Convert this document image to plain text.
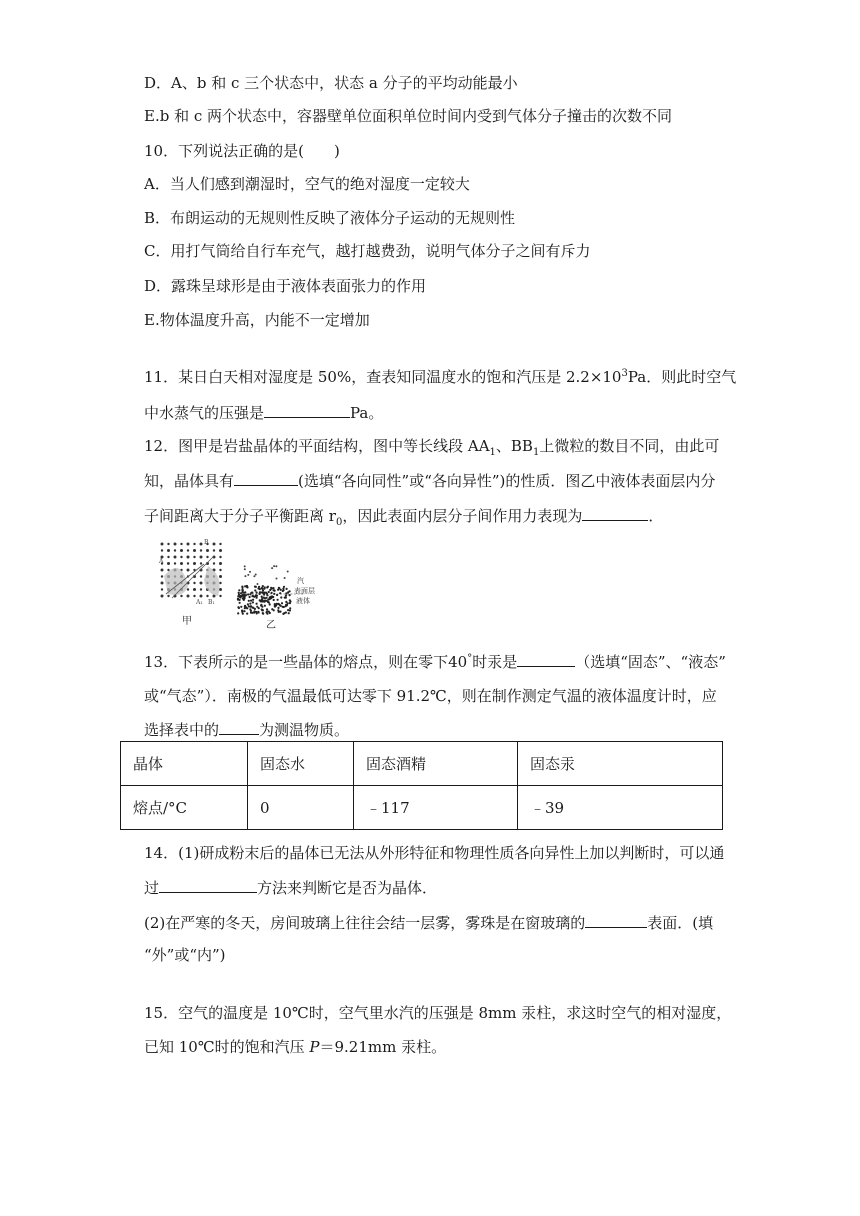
D．A、b 和 c 三个状态中，状态 a 分子的平均动能最小
E.b 和 c 两个状态中，容器壁单位面积单位时间内受到气体分子撞击的次数不同
10．下列说法正确的是(　　)
A．当人们感到潮湿时，空气的绝对湿度一定较大
B．布朗运动的无规则性反映了液体分子运动的无规则性
C．用打气筒给自行车充气，越打越费劲，说明气体分子之间有斥力
D．露珠呈球形是由于液体表面张力的作用
E.物体温度升高，内能不一定增加
11．某日白天相对湿度是 50%，查表知同温度水的饱和汽压是 $2.2\times 10^3Pa$．则此时空气
中水蒸气的压强是	Pa。
12．图甲是岩盐晶体的平面结构，图中等长线段 $AA_1$、$BB_1$上微粒的数目不同，由此可
知，晶体具有	(选填“各向同性”或“各向异性”)的性质．图乙中液体表面层内分
子间距离大于分子平衡距离 $r_0$，因此表面内层分子间作用力表现为	．
A
B
A₁ B₁
汽
表面层
液体
甲	乙
13．下表所示的是一些晶体的熔点，则在零下40°时汞是	（选填“固态”、“液态”
或“气态”）．南极的气温最低可达零下 91.2℃，则在制作测定气温的液体温度计时，应
选择表中的	为测温物质。
晶体	固态水	固态酒精	固态汞
熔点/°C	0	﹣117	﹣39
14．(1)研成粉末后的晶体已无法从外形特征和物理性质各向异性上加以判断时，可以通
过	方法来判断它是否为晶体．
(2)在严寒的冬天，房间玻璃上往往会结一层雾，雾珠是在窗玻璃的	表面．(填
“外”或“内”)
15．空气的温度是 10℃时，空气里水汽的压强是 8mm 汞柱，求这时空气的相对湿度，
已知 10℃时的饱和汽压 P＝9.21mm 汞柱。
